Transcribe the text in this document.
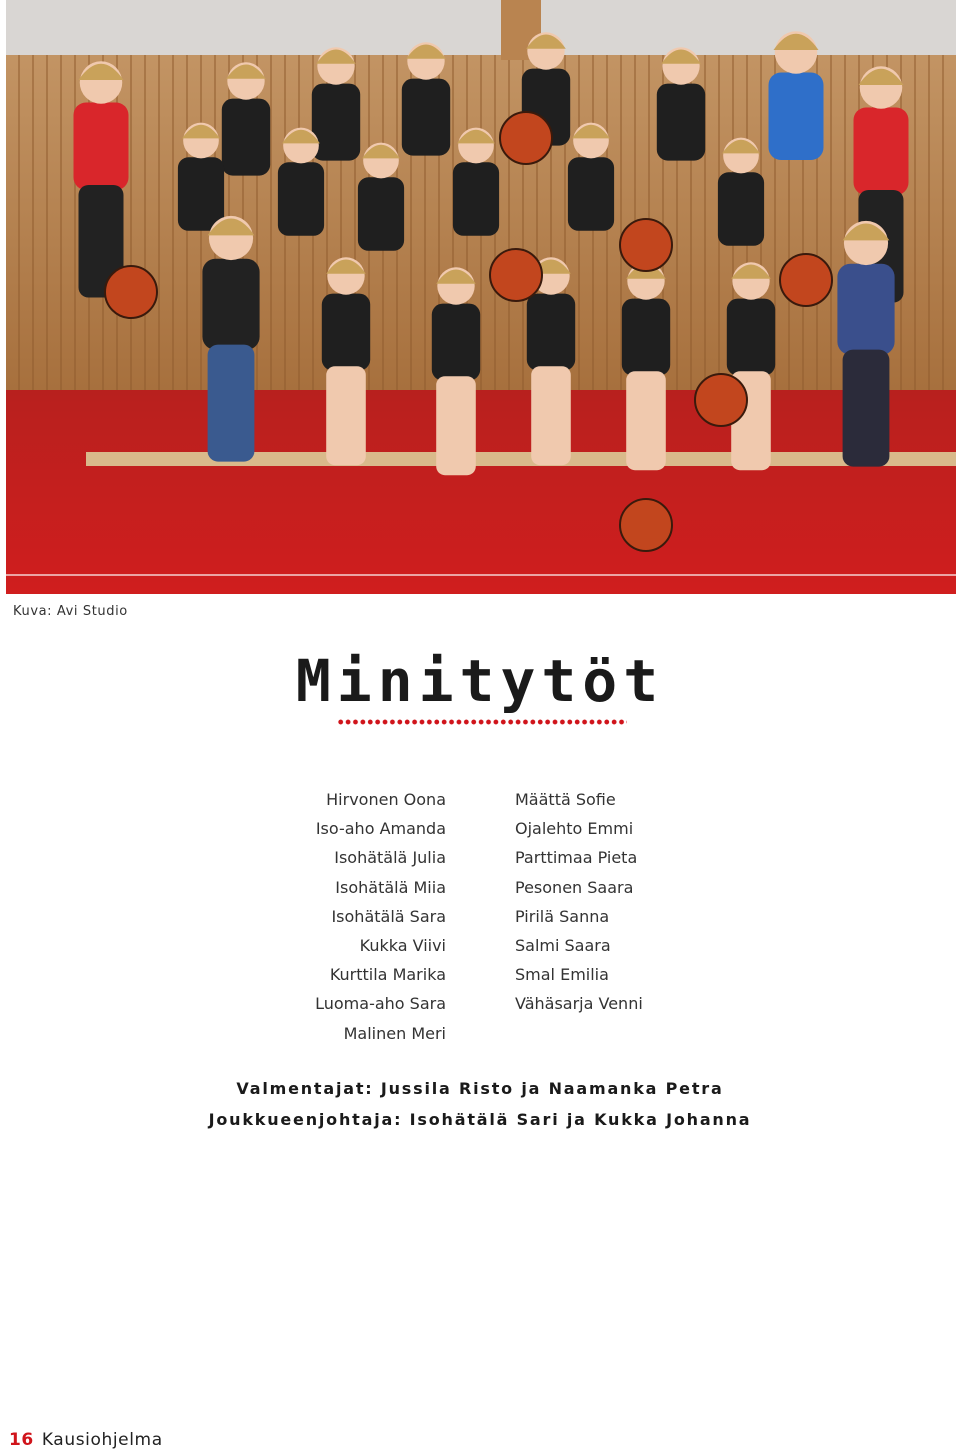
Kuva: Avi Studio
Minitytöt
Hirvonen Oona
Iso-aho Amanda
Isohätälä Julia
Isohätälä Miia
Isohätälä Sara
Kukka Viivi
Kurttila Marika
Luoma-aho Sara
Malinen Meri
Määttä Sofie
Ojalehto Emmi
Parttimaa Pieta
Pesonen Saara
Pirilä Sanna
Salmi Saara
Smal Emilia
Vähäsarja Venni
Valmentajat: Jussila Risto ja Naamanka Petra
Joukkueenjohtaja: Isohätälä Sari ja Kukka Johanna
16 Kausiohjelma
